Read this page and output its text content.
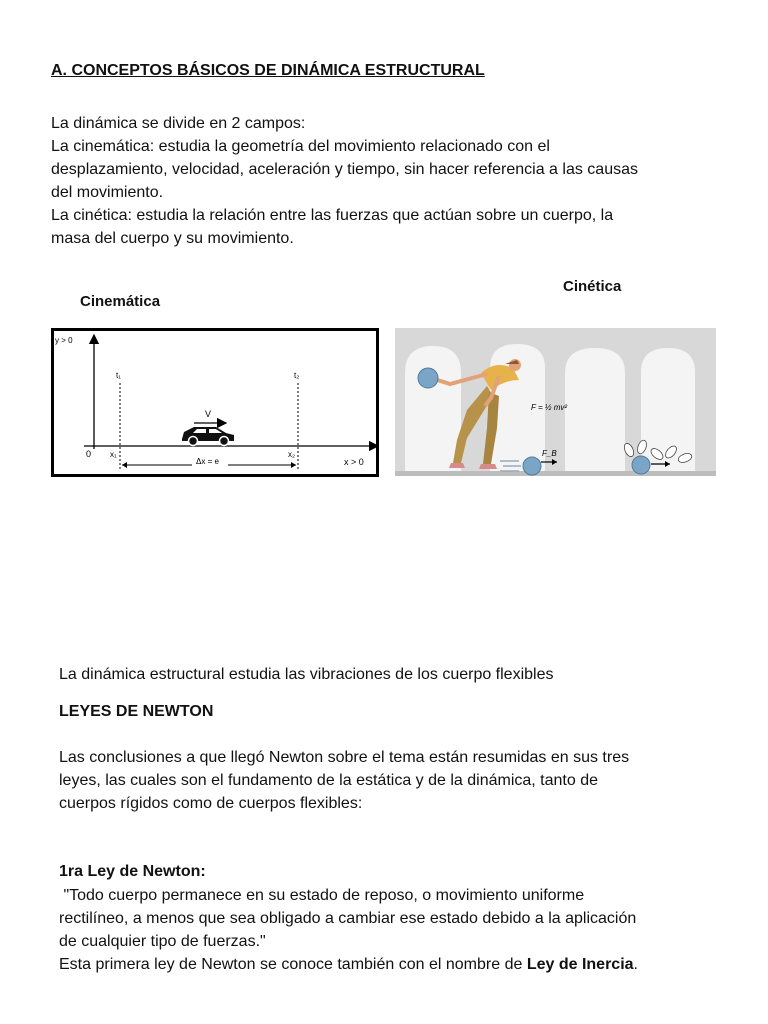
A. CONCEPTOS BÁSICOS DE DINÁMICA ESTRUCTURAL
La dinámica se divide en 2 campos:
La cinemática: estudia la geometría del movimiento relacionado con el
desplazamiento, velocidad, aceleración y tiempo, sin hacer referencia a las causas
del movimiento.
La cinética: estudia la relación entre las fuerzas que actúan sobre un cuerpo, la
masa del cuerpo y su movimiento.
Cinemática
Cinética
y > 0
x > 0
0
t₁	t₂
x₁	x₂
Δx = e
V
F_B
F = ½ mv²
La dinámica estructural estudia las vibraciones de los cuerpo flexibles
LEYES DE NEWTON
Las conclusiones a que llegó Newton sobre el tema están resumidas en sus tres
leyes, las cuales son el fundamento de la estática y de la dinámica, tanto de
cuerpos rígidos como de cuerpos flexibles:
1ra Ley de Newton:
"Todo cuerpo permanece en su estado de reposo, o movimiento uniforme
rectilíneo, a menos que sea obligado a cambiar ese estado debido a la aplicación
de cualquier tipo de fuerzas."
Esta primera ley de Newton se conoce también con el nombre de Ley de Inercia.
